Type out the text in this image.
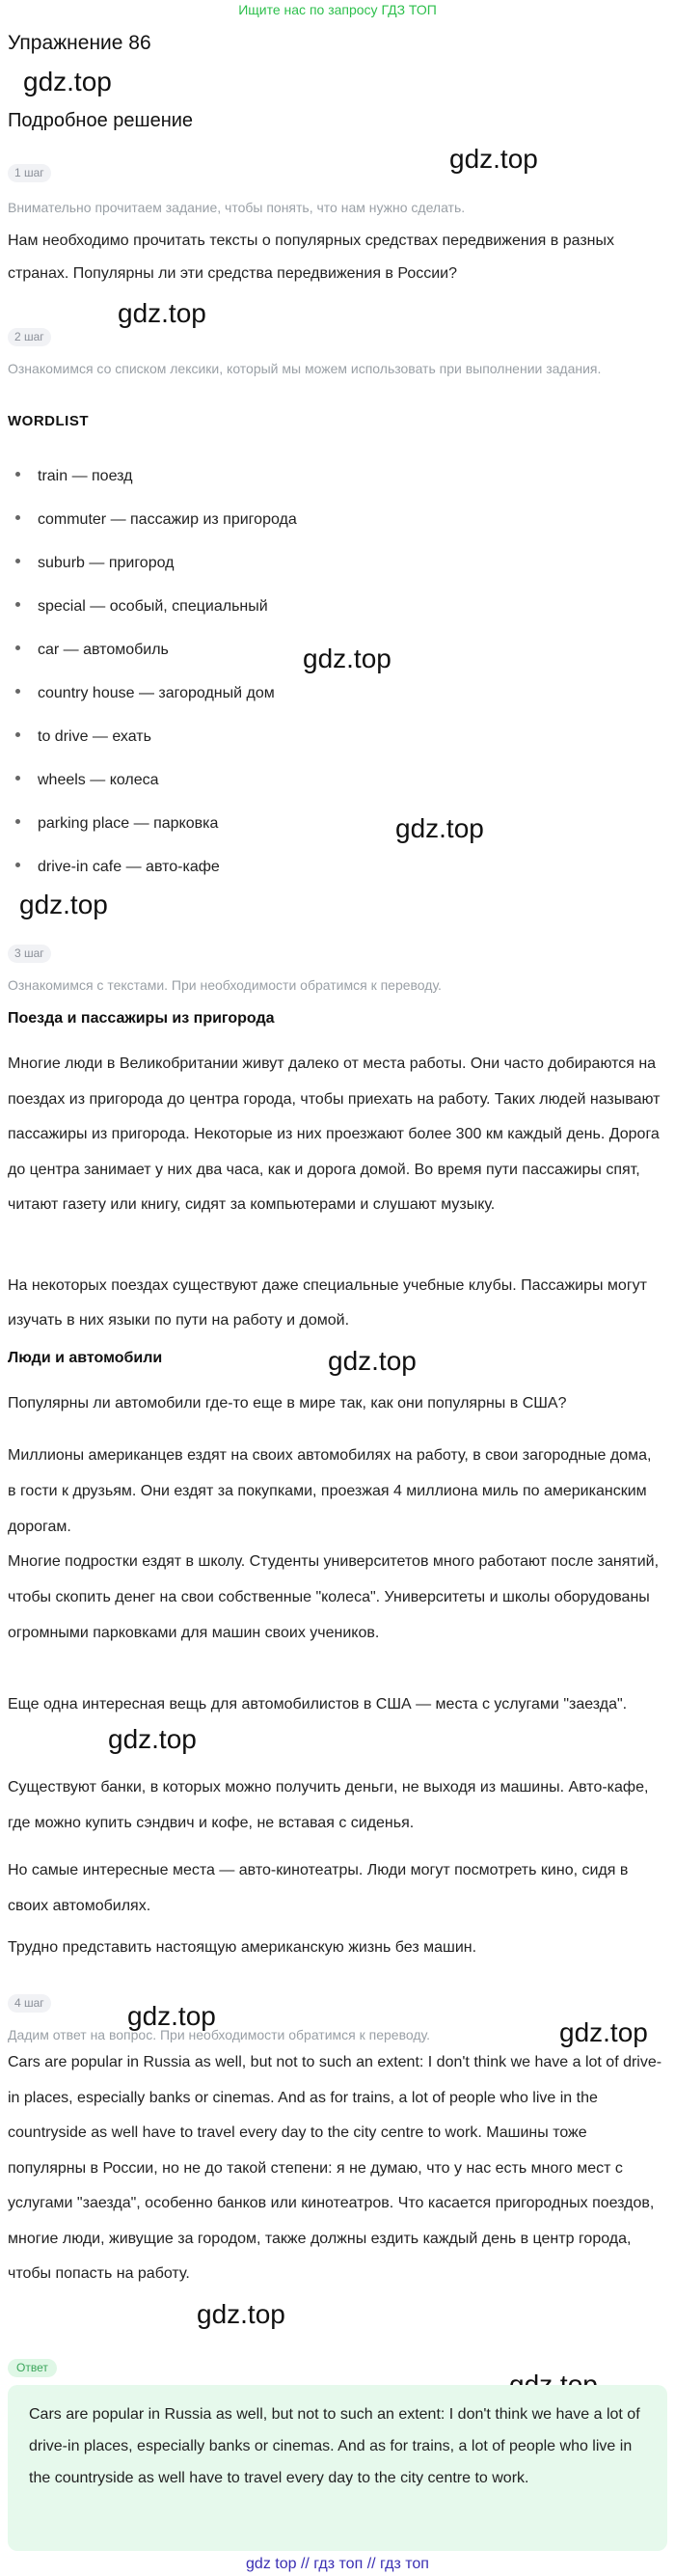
Ищите нас по запросу ГДЗ ТОП
Упражнение 86
gdz.top
Подробное решение
gdz.top
1 шаг
Внимательно прочитаем задание, чтобы понять, что нам нужно сделать.
Нам необходимо прочитать тексты о популярных средствах передвижения в разных странах. Популярны ли эти средства передвижения в России?
gdz.top
2 шаг
Ознакомимся со списком лексики, который мы можем использовать при выполнении задания.
WORDLIST
train — поезд
commuter — пассажир из пригорода
suburb — пригород
special — особый, специальный
car — автомобиль	gdz.top
country house — загородный дом
to drive — ехать
wheels — колеса
parking place — парковка	gdz.top
drive-in cafe — авто-кафе
gdz.top
3 шаг
Ознакомимся с текстами. При необходимости обратимся к переводу.
Поезда и пассажиры из пригорода
Многие люди в Великобритании живут далеко от места работы. Они часто добираются на поездах из пригорода до центра города, чтобы приехать на работу. Таких людей называют пассажиры из пригорода. Некоторые из них проезжают более 300 км каждый день. Дорога до центра занимает у них два часа, как и дорога домой. Во время пути пассажиры спят, читают газету или книгу, сидят за компьютерами и слушают музыку.
На некоторых поездах существуют даже специальные учебные клубы. Пассажиры могут изучать в них языки по пути на работу и домой.
Люди и автомобили	gdz.top
Популярны ли автомобили где-то еще в мире так, как они популярны в США?
Миллионы американцев ездят на своих автомобилях на работу, в свои загородные дома, в гости к друзьям. Они ездят за покупками, проезжая 4 миллиона миль по американским дорогам.
Многие подростки ездят в школу. Студенты университетов много работают после занятий, чтобы скопить денег на свои собственные "колеса". Университеты и школы оборудованы огромными парковками для машин своих учеников.
Еще одна интересная вещь для автомобилистов в США — места с услугами "заезда".
gdz.top
Существуют банки, в которых можно получить деньги, не выходя из машины. Авто-кафе, где можно купить сэндвич и кофе, не вставая с сиденья.
Но самые интересные места — авто-кинотеатры. Люди могут посмотреть кино, сидя в своих автомобилях.
Трудно представить настоящую американскую жизнь без машин.
gdz.top
4 шаг
Дадим ответ на вопрос. При необходимости обратимся к переводу.	gdz.top
Cars are popular in Russia as well, but not to such an extent: I don't think we have a lot of drive-in places, especially banks or cinemas. And as for trains, a lot of people who live in the countryside as well have to travel every day to the city centre to work. Машины тоже популярны в России, но не до такой степени: я не думаю, что у нас есть много мест с услугами "заезда", особенно банков или кинотеатров. Что касается пригородных поездов, многие люди, живущие за городом, также должны ездить каждый день в центр города, чтобы попасть на работу.
gdz.top
Ответ
Cars are popular in Russia as well, but not to such an extent: I don't think we have a lot of drive-in places, especially banks or cinemas. And as for trains, a lot of people who live in the countryside as well have to travel every day to the city centre to work.
gdz top // гдз топ // гдз топ
